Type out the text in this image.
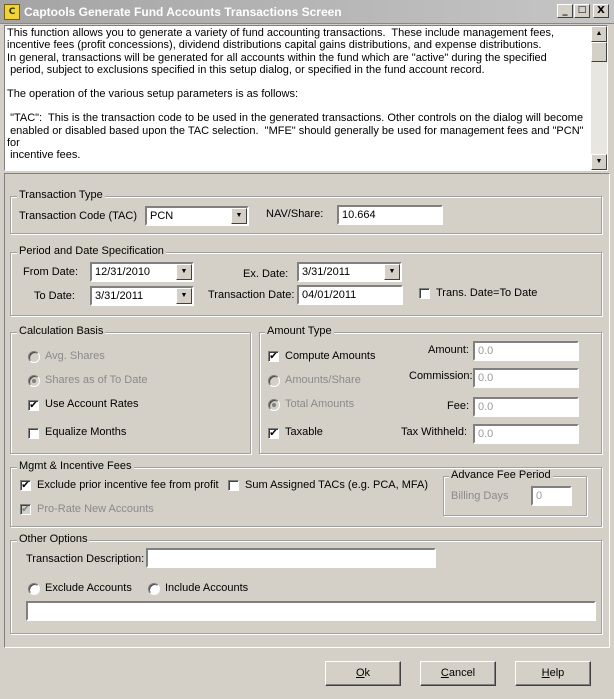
C Captools Generate Fund Accounts Transactions Screen	_	□	X

This function allows you to generate a variety of fund accounting transactions.  These include management fees,
incentive fees (profit concessions), dividend distributions capital gains distributions, and expense distributions.
In general, transactions will be generated for all accounts within the fund which are "active" during the specified
period, subject to exclusions specified in this setup dialog, or specified in the fund account record.

The operation of the various setup parameters is as follows:

"TAC":  This is the transaction code to be used in the generated transactions. Other controls on the dialog will become
enabled or disabled based upon the TAC selection.  "MFE" should generally be used for management fees and "PCN" for
incentive fees.

▲
▼
Transaction Type
Transaction Code (TAC)	PCN	▼	NAV/Share:	10.664
Period and Date Specification
From Date:	12/31/2010	▼	Ex. Date:	3/31/2011	▼
To Date:	3/31/2011	▼	Transaction Date: 04/01/2011	Trans. Date=To Date
Calculation Basis
Avg. Shares
Shares as of To Date
✔ Use Account Rates
Equalize Months
Amount Type
✔ Compute Amounts
Amounts/Share
Total Amounts
✔ Taxable
Amount: 0.0
Commission: 0.0
Fee: 0.0
Tax Withheld: 0.0
Mgmt & Incentive Fees
✔ Exclude prior incentive fee from profit Sum Assigned TACs (e.g. PCA, MFA)
✔ Pro-Rate New Accounts
Advance Fee Period
Billing Days	0
Other Options
Transaction Description:
Exclude Accounts	Include Accounts
Ok	Cancel	Help
